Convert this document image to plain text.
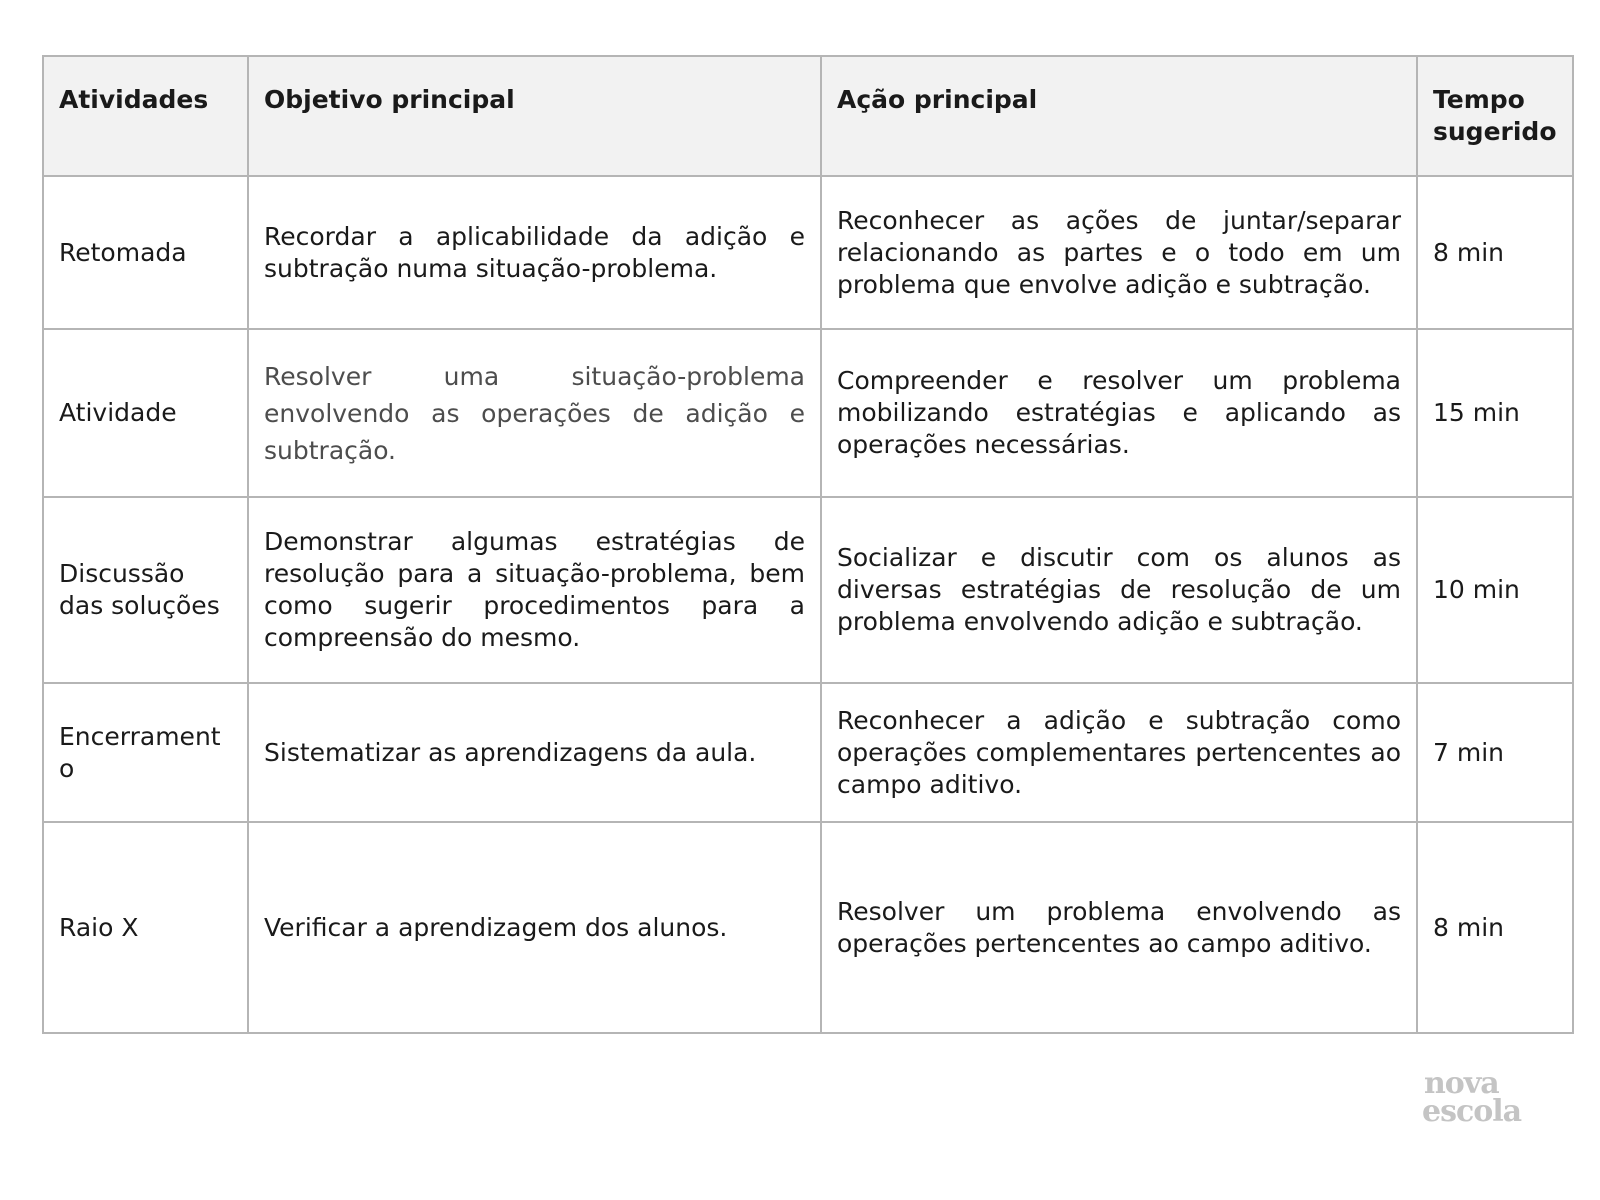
Atividades	Objetivo principal	Ação principal	Tempo sugerido
Retomada	Recordar a aplicabilidade da adição e subtração numa situação-problema.	Reconhecer as ações de juntar/separar relacionando as partes e o todo em um problema que envolve adição e subtração.	8 min
Atividade	Resolver uma situação-problema envolvendo as operações de adição e subtração.	Compreender e resolver um problema mobilizando estratégias e aplicando as operações necessárias.	15 min
Discussão das soluções	Demonstrar algumas estratégias de resolução para a situação-problema, bem como sugerir procedimentos para a compreensão do mesmo.	Socializar e discutir com os alunos as diversas estratégias de resolução de um problema envolvendo adição e subtração.	10 min
Encerramento	Sistematizar as aprendizagens da aula.	Reconhecer a adição e subtração como operações complementares pertencentes ao campo aditivo.	7 min
Raio X	Verificar a aprendizagem dos alunos.	Resolver um problema envolvendo as operações pertencentes ao campo aditivo.	8 min
nova
escola
